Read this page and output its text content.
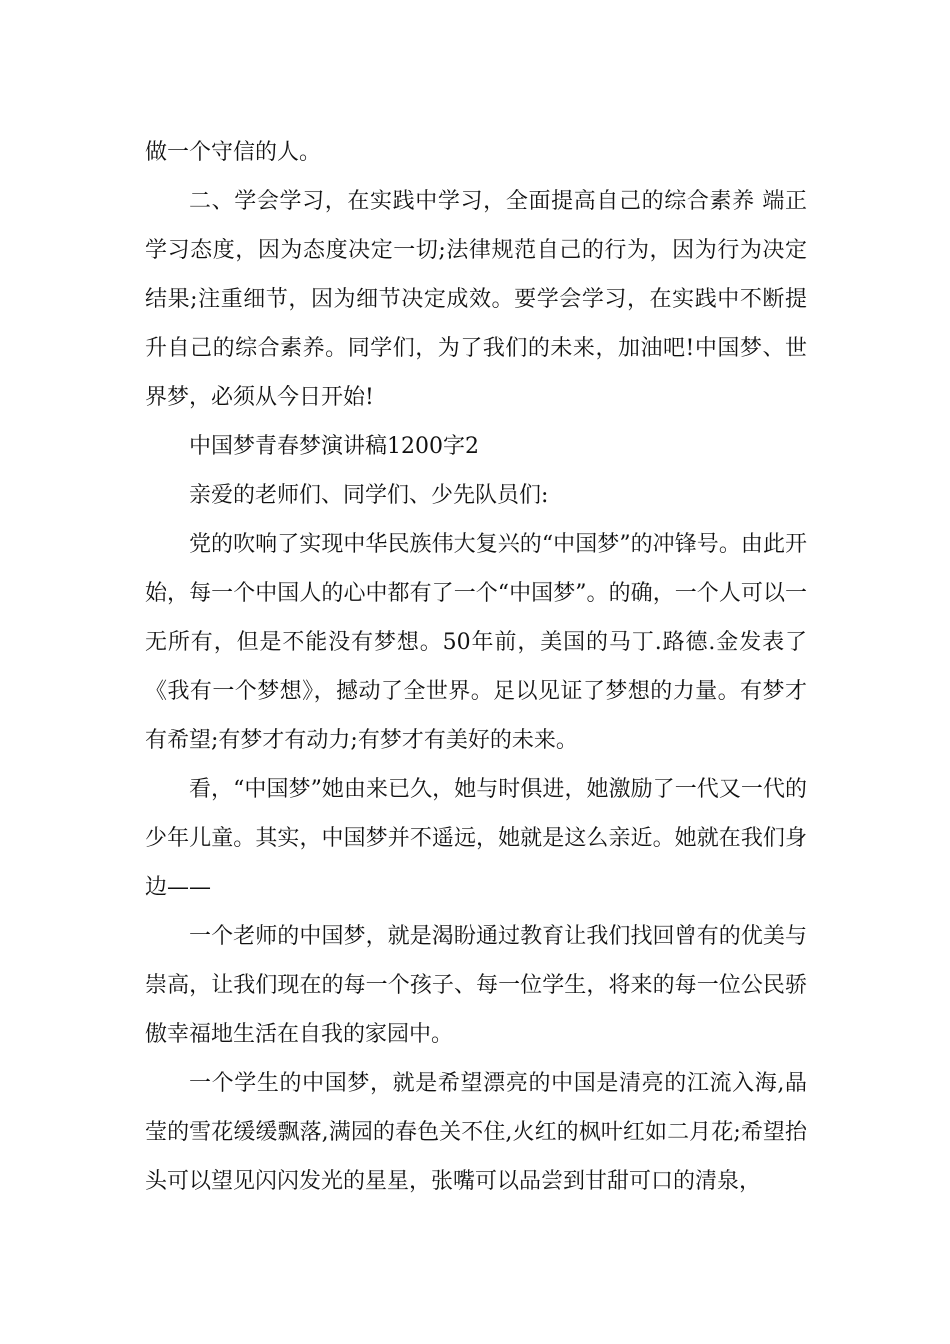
做一个守信的人。

二、学会学习，在实践中学习，全面提高自己的综合素养 端正学习态度，因为态度决定一切;法律规范自己的行为，因为行为决定结果;注重细节，因为细节决定成效。要学会学习，在实践中不断提升自己的综合素养。同学们，为了我们的未来，加油吧!中国梦、世界梦，必须从今日开始!

中国梦青春梦演讲稿1200字2

亲爱的老师们、同学们、少先队员们:

党的吹响了实现中华民族伟大复兴的“中国梦”的冲锋号。由此开始，每一个中国人的心中都有了一个“中国梦”。的确，一个人可以一无所有，但是不能没有梦想。50年前，美国的马丁.路德.金发表了《我有一个梦想》，撼动了全世界。足以见证了梦想的力量。有梦才有希望;有梦才有动力;有梦才有美好的未来。

看，“中国梦”她由来已久，她与时俱进，她激励了一代又一代的少年儿童。其实，中国梦并不遥远，她就是这么亲近。她就在我们身边——

一个老师的中国梦，就是渴盼通过教育让我们找回曾有的优美与崇高，让我们现在的每一个孩子、每一位学生，将来的每一位公民骄傲幸福地生活在自我的家园中。

一个学生的中国梦，就是希望漂亮的中国是清亮的江流入海,晶莹的雪花缓缓飘落,满园的春色关不住,火红的枫叶红如二月花;希望抬头可以望见闪闪发光的星星，张嘴可以品尝到甘甜可口的清泉，
